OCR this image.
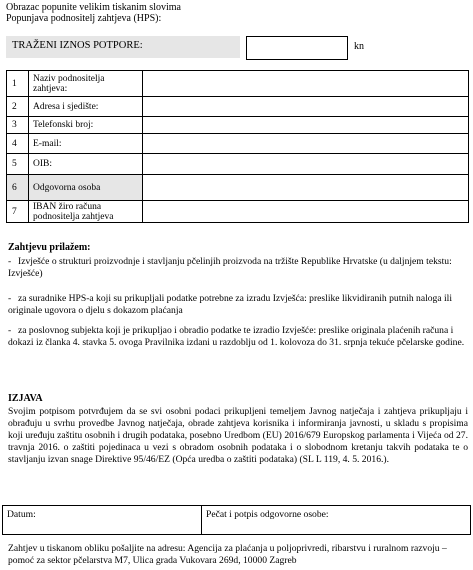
Obrazac popunite velikim tiskanim slovima
Popunjava podnositelj zahtjeva (HPS):
TRAŽENI IZNOS POTPORE:	kn
1	Naziv podnositelja zahtjeva:	
2	Adresa i sjedište:	
3	Telefonski broj:	
4	E-mail:	
5	OIB:	

6	Odgovorna osoba	
7	IBAN žiro računa podnositelja zahtjeva	
Zahtjevu prilažem:
- Izvješće o strukturi proizvodnje i stavljanju pčelinjih proizvoda na tržište Republike Hrvatske (u daljnjem tekstu: Izvješće)
- za suradnike HPS-a koji su prikupljali podatke potrebne za izradu Izvješća: preslike likvidiranih putnih naloga ili originale ugovora o djelu s dokazom plaćanja
- za poslovnog subjekta koji je prikupljao i obradio podatke te izradio Izvješće: preslike originala plaćenih računa i dokazi iz članka 4. stavka 5. ovoga Pravilnika izdani u razdoblju od 1. kolovoza do 31. srpnja tekuće pčelarske godine.
IZJAVA
Svojim potpisom potvrđujem da se svi osobni podaci prikupljeni temeljem Javnog natječaja i zahtjeva prikupljaju i obrađuju u svrhu provedbe Javnog natječaja, obrade zahtjeva korisnika i informiranja javnosti, u skladu s propisima koji uređuju zaštitu osobnih i drugih podataka, posebno Uredbom (EU) 2016/679 Europskog parlamenta i Vijeća od 27. travnja 2016. o zaštiti pojedinaca u vezi s obradom osobnih podataka i o slobodnom kretanju takvih podataka te o stavljanju izvan snage Direktive 95/46/EZ (Opća uredba o zaštiti podataka) (SL L 119, 4. 5. 2016.).
Datum:	Pečat i potpis odgovorne osobe:
Zahtjev u tiskanom obliku pošaljite na adresu: Agencija za plaćanja u poljoprivredi, ribarstvu i ruralnom razvoju – pomoć za sektor pčelarstva M7, Ulica grada Vukovara 269d, 10000 Zagreb
